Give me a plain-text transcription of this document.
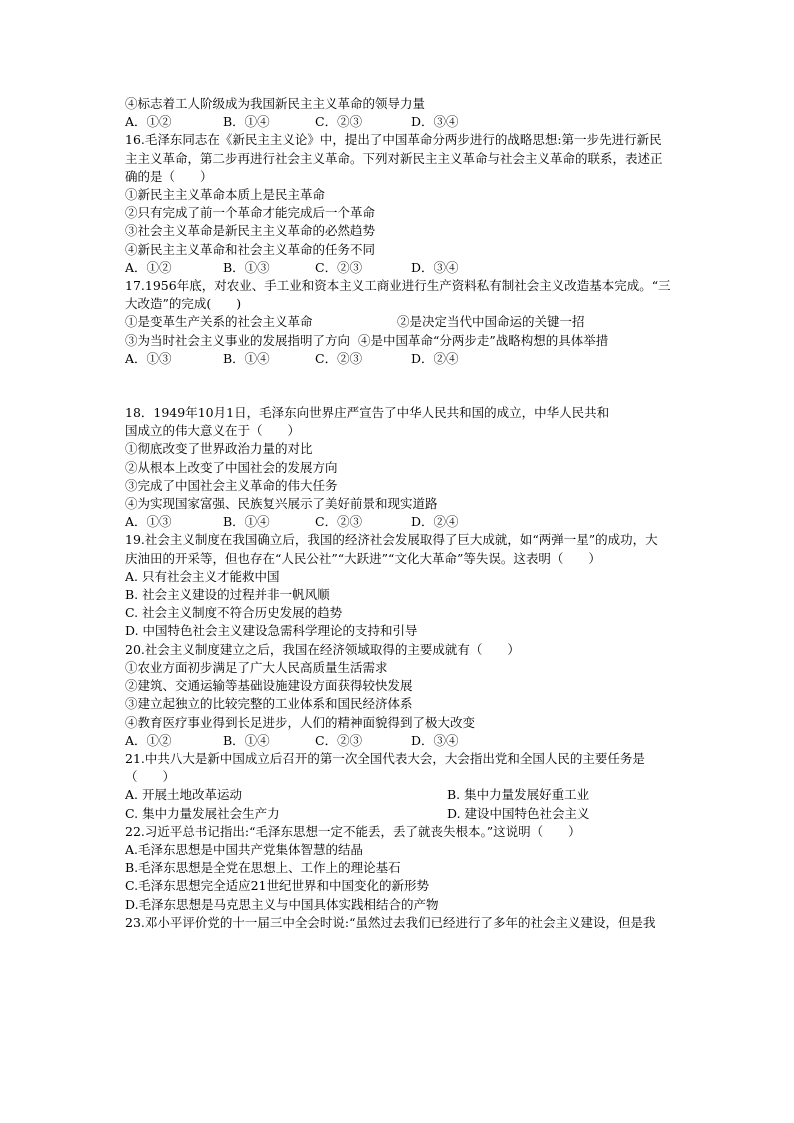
④标志着工人阶级成为我国新民主主义革命的领导力量
A．①②	B．①④	C．②③	D．③④
16.毛泽东同志在《新民主主义论》中，提出了中国革命分两步进行的战略思想:第一步先进行新民
主主义革命，第二步再进行社会主义革命。下列对新民主主义革命与社会主义革命的联系，表述正
确的是（　　）
①新民主主义革命本质上是民主革命
②只有完成了前一个革命才能完成后一个革命
③社会主义革命是新民主主义革命的必然趋势
④新民主主义革命和社会主义革命的任务不同
A．①②	B．①③	C．②③	D．③④
17.1956年底，对农业、手工业和资本主义工商业进行生产资料私有制社会主义改造基本完成。“三
大改造”的完成(　　)
①是变革生产关系的社会主义革命	②是决定当代中国命运的关键一招
③为当时社会主义事业的发展指明了方向 ④是中国革命“分两步走”战略构想的具体举措
A．①③	B．①④	C．②③	D．②④
18．1949年10月1日，毛泽东向世界庄严宣告了中华人民共和国的成立，中华人民共和
国成立的伟大意义在于（　　）
①彻底改变了世界政治力量的对比
②从根本上改变了中国社会的发展方向
③完成了中国社会主义革命的伟大任务
④为实现国家富强、民族复兴展示了美好前景和现实道路
A．①③	B．①④	C．②③	D．②④
19.社会主义制度在我国确立后，我国的经济社会发展取得了巨大成就，如“两弹一星”的成功，大
庆油田的开采等，但也存在“人民公社”“大跃进”“文化大革命”等失误。这表明（　　）
A. 只有社会主义才能救中国
B. 社会主义建设的过程并非一帆风顺
C. 社会主义制度不符合历史发展的趋势
D. 中国特色社会主义建设急需科学理论的支持和引导
20.社会主义制度建立之后，我国在经济领域取得的主要成就有（　　）
①农业方面初步满足了广大人民高质量生活需求
②建筑、交通运输等基础设施建设方面获得较快发展
③建立起独立的比较完整的工业体系和国民经济体系
④教育医疗事业得到长足进步，人们的精神面貌得到了极大改变
A．①②	B．①④	C．②③	D．③④
21.中共八大是新中国成立后召开的第一次全国代表大会，大会指出党和全国人民的主要任务是
（　　）
A. 开展土地改革运动	B. 集中力量发展好重工业
C. 集中力量发展社会生产力	D. 建设中国特色社会主义
22.习近平总书记指出:“毛泽东思想一定不能丢，丢了就丧失根本。”这说明（　　）
A.毛泽东思想是中国共产党集体智慧的结晶
B.毛泽东思想是全党在思想上、工作上的理论基石
C.毛泽东思想完全适应21世纪世界和中国变化的新形势
D.毛泽东思想是马克思主义与中国具体实践相结合的产物
23.邓小平评价党的十一届三中全会时说:“虽然过去我们已经进行了多年的社会主义建设，但是我
